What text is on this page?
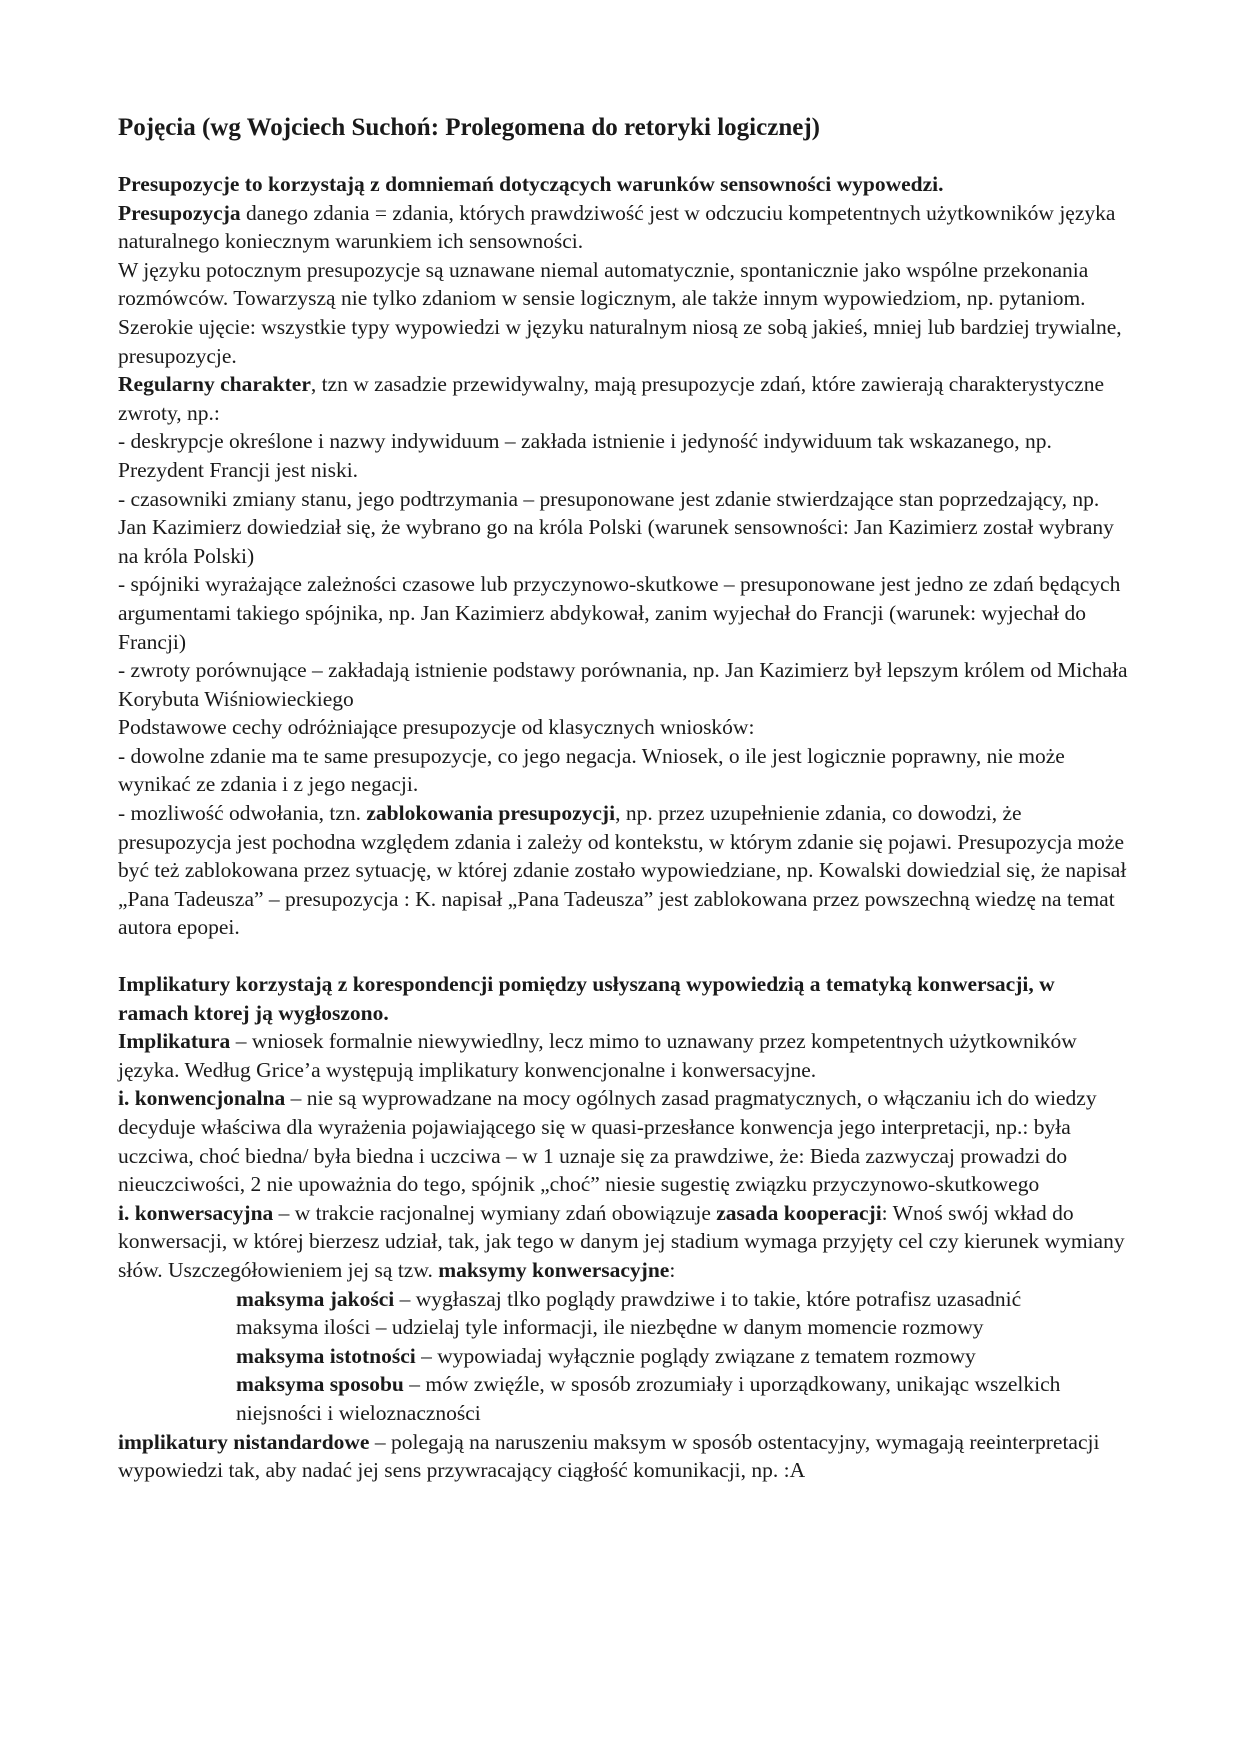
Pojęcia (wg Wojciech Suchoń: Prolegomena do retoryki logicznej)

Presupozycje to korzystają z domniemań dotyczących warunków sensowności wypowedzi.

Presupozycja danego zdania = zdania, których prawdziwość jest w odczuciu kompetentnych użytkowników języka naturalnego koniecznym warunkiem ich sensowności.

W języku potocznym presupozycje są uznawane niemal automatycznie, spontanicznie jako wspólne przekonania rozmówców. Towarzyszą nie tylko zdaniom w sensie logicznym, ale także innym wypowiedziom, np. pytaniom. Szerokie ujęcie: wszystkie typy wypowiedzi w języku naturalnym niosą ze sobą jakieś, mniej lub bardziej trywialne, presupozycje.

Regularny charakter, tzn w zasadzie przewidywalny, mają presupozycje zdań, które zawierają charakterystyczne zwroty, np.:

- deskrypcje określone i nazwy indywiduum – zakłada istnienie i jedyność indywiduum tak wskazanego, np. Prezydent Francji jest niski.

- czasowniki zmiany stanu, jego podtrzymania – presuponowane jest zdanie stwierdzające stan poprzedzający, np. Jan Kazimierz dowiedział się, że wybrano go na króla Polski (warunek sensowności: Jan Kazimierz został wybrany na króla Polski)

- spójniki wyrażające zależności czasowe lub przyczynowo-skutkowe – presuponowane jest jedno ze zdań będących argumentami takiego spójnika, np. Jan Kazimierz abdykował, zanim wyjechał do Francji (warunek: wyjechał do Francji)

- zwroty porównujące – zakładają istnienie podstawy porównania, np. Jan Kazimierz był lepszym królem od Michała Korybuta Wiśniowieckiego

Podstawowe cechy odróżniające presupozycje od klasycznych wniosków:

- dowolne zdanie ma te same presupozycje, co jego negacja. Wniosek, o ile jest logicznie poprawny, nie może wynikać ze zdania i z jego negacji.

- mozliwość odwołania, tzn. zablokowania presupozycji, np. przez uzupełnienie zdania, co dowodzi, że presupozycja jest pochodna względem zdania i zależy od kontekstu, w którym zdanie się pojawi. Presupozycja może być też zablokowana przez sytuację, w której zdanie zostało wypowiedziane, np. Kowalski dowiedzial się, że napisał „Pana Tadeusza” – presupozycja : K. napisał „Pana Tadeusza” jest zablokowana przez powszechną wiedzę na temat autora epopei.

Implikatury korzystają z korespondencji pomiędzy usłyszaną wypowiedzią a tematyką konwersacji, w ramach ktorej ją wygłoszono.

Implikatura – wniosek formalnie niewywiedlny, lecz mimo to uznawany przez kompetentnych użytkowników języka. Według Grice’a występują implikatury konwencjonalne i konwersacyjne.

i. konwencjonalna – nie są wyprowadzane na mocy ogólnych zasad pragmatycznych, o włączaniu ich do wiedzy decyduje właściwa dla wyrażenia pojawiającego się w quasi-przesłance konwencja jego interpretacji, np.: była uczciwa, choć biedna/ była biedna i uczciwa – w 1 uznaje się za prawdziwe, że: Bieda zazwyczaj prowadzi do nieuczciwości, 2 nie upoważnia do tego, spójnik „choć” niesie sugestię związku przyczynowo-skutkowego

i. konwersacyjna – w trakcie racjonalnej wymiany zdań obowiązuje zasada kooperacji: Wnoś swój wkład do konwersacji, w której bierzesz udział, tak, jak tego w danym jej stadium wymaga przyjęty cel czy kierunek wymiany słów. Uszczegółowieniem jej są tzw. maksymy konwersacyjne:

maksyma jakości – wygłaszaj tlko poglądy prawdziwe i to takie, które potrafisz uzasadnić

maksyma ilości – udzielaj tyle informacji, ile niezbędne w danym momencie rozmowy

maksyma istotności – wypowiadaj wyłącznie poglądy związane z tematem rozmowy

maksyma sposobu – mów zwięźle, w sposób zrozumiały i uporządkowany, unikając wszelkich niejsności i wieloznaczności

implikatury nistandardowe – polegają na naruszeniu maksym w sposób ostentacyjny, wymagają reeinterpretacji wypowiedzi tak, aby nadać jej sens przywracający ciągłość komunikacji, np. :A
